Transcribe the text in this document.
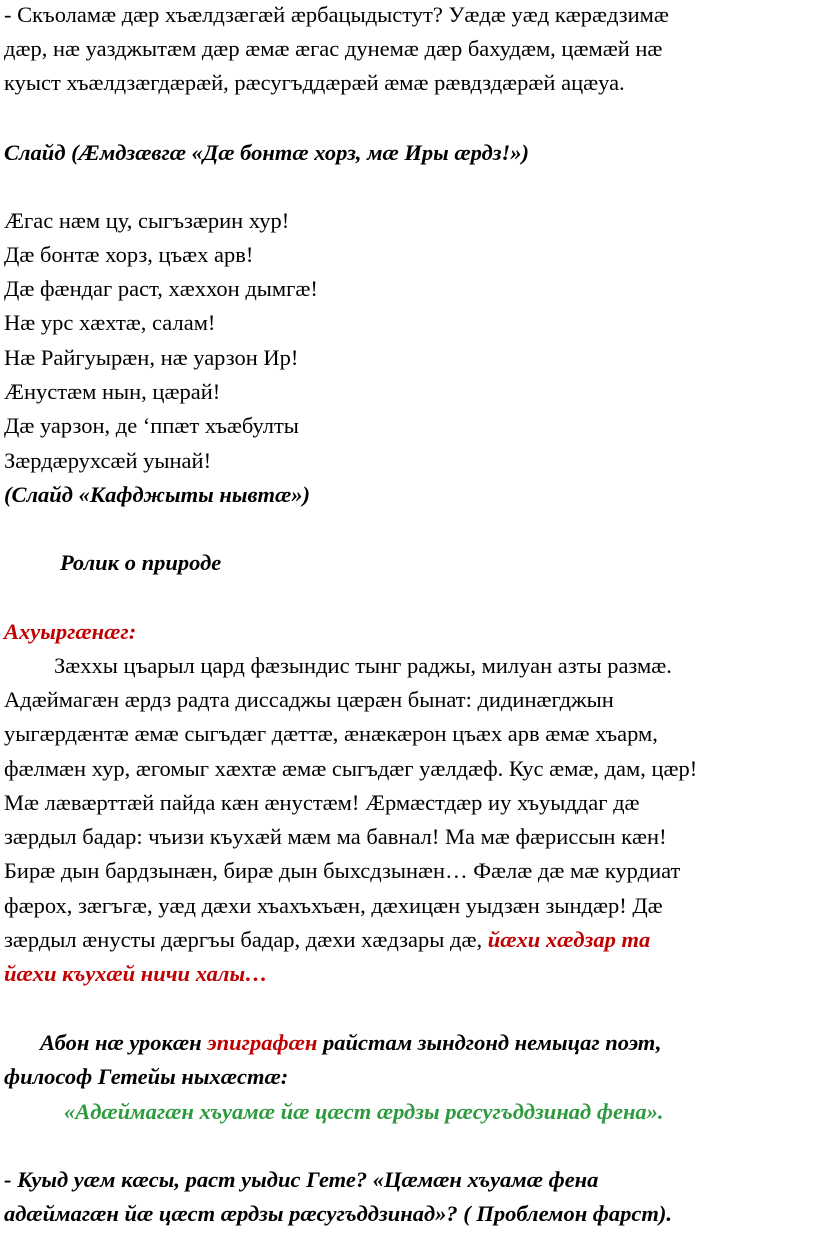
- Скъоламæ дæр хъæлдзæгæй æрбацыдыстут? Уæдæ уæд кæрæдзимæ
дæр, нæ уазджытæм дæр æмæ æгас дунемæ дæр бахудæм, цæмæй нæ
куыст хъæлдзæгдæрæй, рæсугъддæрæй æмæ рæвдздæрæй ацæуа.
Слайд (Æмдзæвгæ «Дæ бонтæ хорз, мæ Иры æрдз!»)
Æгас нæм цу, сыгъзæрин хур!
Дæ бонтæ хорз, цъæх арв!
Дæ фæндаг раст, хæххон дымгæ!
Нæ урс хæхтæ, салам!
Нæ Райгуырæн, нæ уарзон Ир!
Æнустæм нын, цæрай!
Дæ уарзон, де ‘ппæт хъæбулты
Зæрдæрухсæй уынай!
(Слайд «Кафджыты нывтæ»)
Ролик о природе
Ахуыргæнæг:
Зæххы цъарыл цард фæзындис тынг раджы, милуан азты размæ.
Адæймагæн æрдз радта диссаджы цæрæн бынат: дидинæгджын
уыгæрдæнтæ æмæ сыгъдæг дæттæ, æнæкæрон цъæх арв æмæ хъарм,
фæлмæн хур, æгомыг хæхтæ æмæ сыгъдæг уæлдæф. Кус æмæ, дам, цæр!
Мæ лæвæрттæй пайда кæн æнустæм! Æрмæстдæр иу хъуыддаг дæ
зæрдыл бадар: чъизи къухæй мæм ма бавнал! Ма мæ фæриссын кæн!
Бирæ дын бардзынæн, бирæ дын быхсдзынæн… Фæлæ дæ мæ курдиат
фæрох, зæгъгæ, уæд дæхи хъахъхъæн, дæхицæн уыдзæн зындæр! Дæ
зæрдыл æнусты дæргъы бадар, дæхи хæдзары дæ, йæхи хæдзар та
йæхи къухæй ничи халы…
Абон нæ урокæн эпиграфæн райстам зындгонд немыцаг поэт,
философ Гетейы ныхæстæ:
«Адæймагæн хъуамæ йæ цæст æрдзы рæсугъддзинад фена».
- Куыд уæм кæсы, раст уыдис Гете? «Цæмæн хъуамæ фена
адæймагæн йæ цæст æрдзы рæсугъддзинад»? ( Проблемон фарст).
